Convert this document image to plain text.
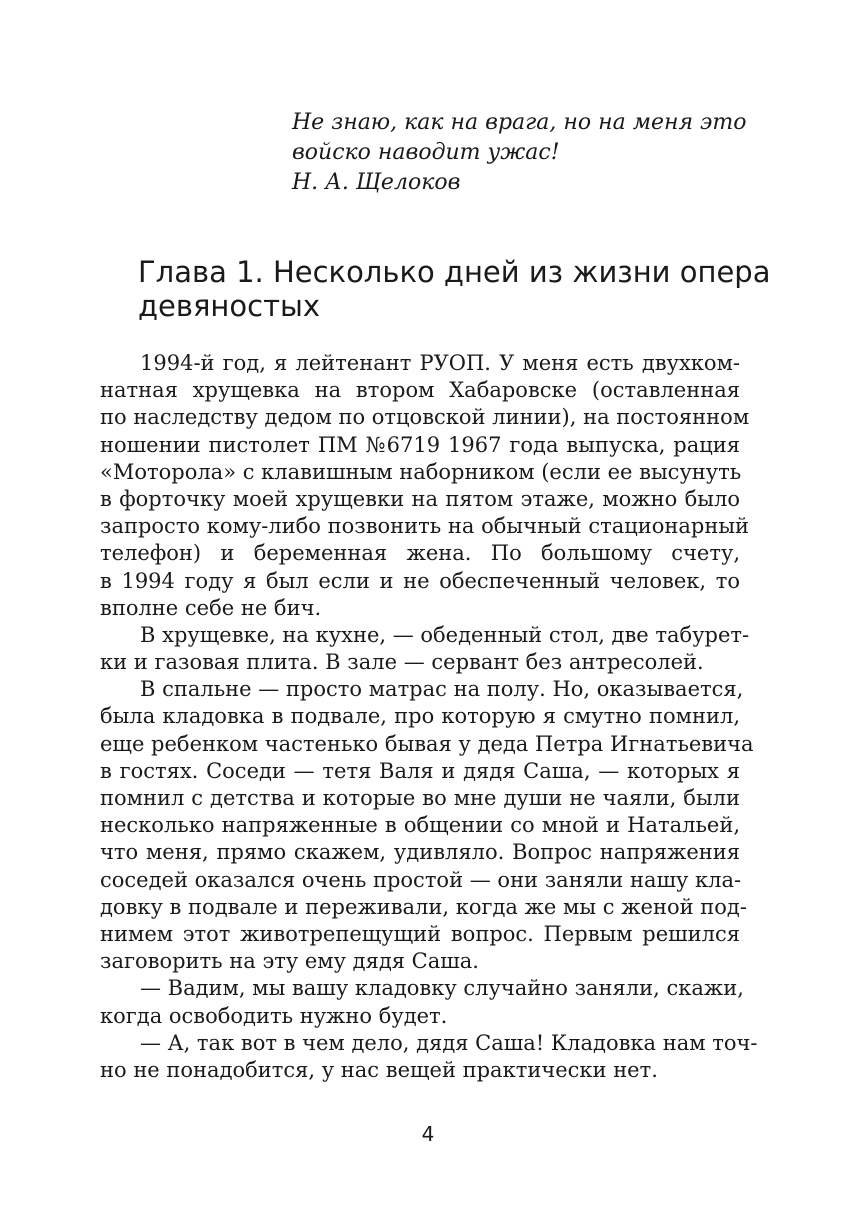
Не знаю, как на врага, но на меня это
войско наводит ужас!
Н. А. Щелоков
Глава 1. Несколько дней из жизни опера
девяностых
1994-й год, я лейтенант РУОП. У меня есть двухком-
натная хрущевка на втором Хабаровске (оставленная
по наследству дедом по отцовской линии), на постоянном
ношении пистолет ПМ №6719 1967 года выпуска, рация
«Моторола» с клавишным наборником (если ее высунуть
в форточку моей хрущевки на пятом этаже, можно было
запросто кому-либо позвонить на обычный стационарный
телефон) и беременная жена. По большому счету,
в 1994 году я был если и не обеспеченный человек, то
вполне себе не бич.
В хрущевке, на кухне, — обеденный стол, две табурет-
ки и газовая плита. В зале — сервант без антресолей.
В спальне — просто матрас на полу. Но, оказывается,
была кладовка в подвале, про которую я смутно помнил,
еще ребенком частенько бывая у деда Петра Игнатьевича
в гостях. Соседи — тетя Валя и дядя Саша, — которых я
помнил с детства и которые во мне души не чаяли, были
несколько напряженные в общении со мной и Натальей,
что меня, прямо скажем, удивляло. Вопрос напряжения
соседей оказался очень простой — они заняли нашу кла-
довку в подвале и переживали, когда же мы с женой под-
нимем этот животрепещущий вопрос. Первым решился
заговорить на эту ему дядя Саша.
— Вадим, мы вашу кладовку случайно заняли, скажи,
когда освободить нужно будет.
— А, так вот в чем дело, дядя Саша! Кладовка нам точ-
но не понадобится, у нас вещей практически нет.
4
